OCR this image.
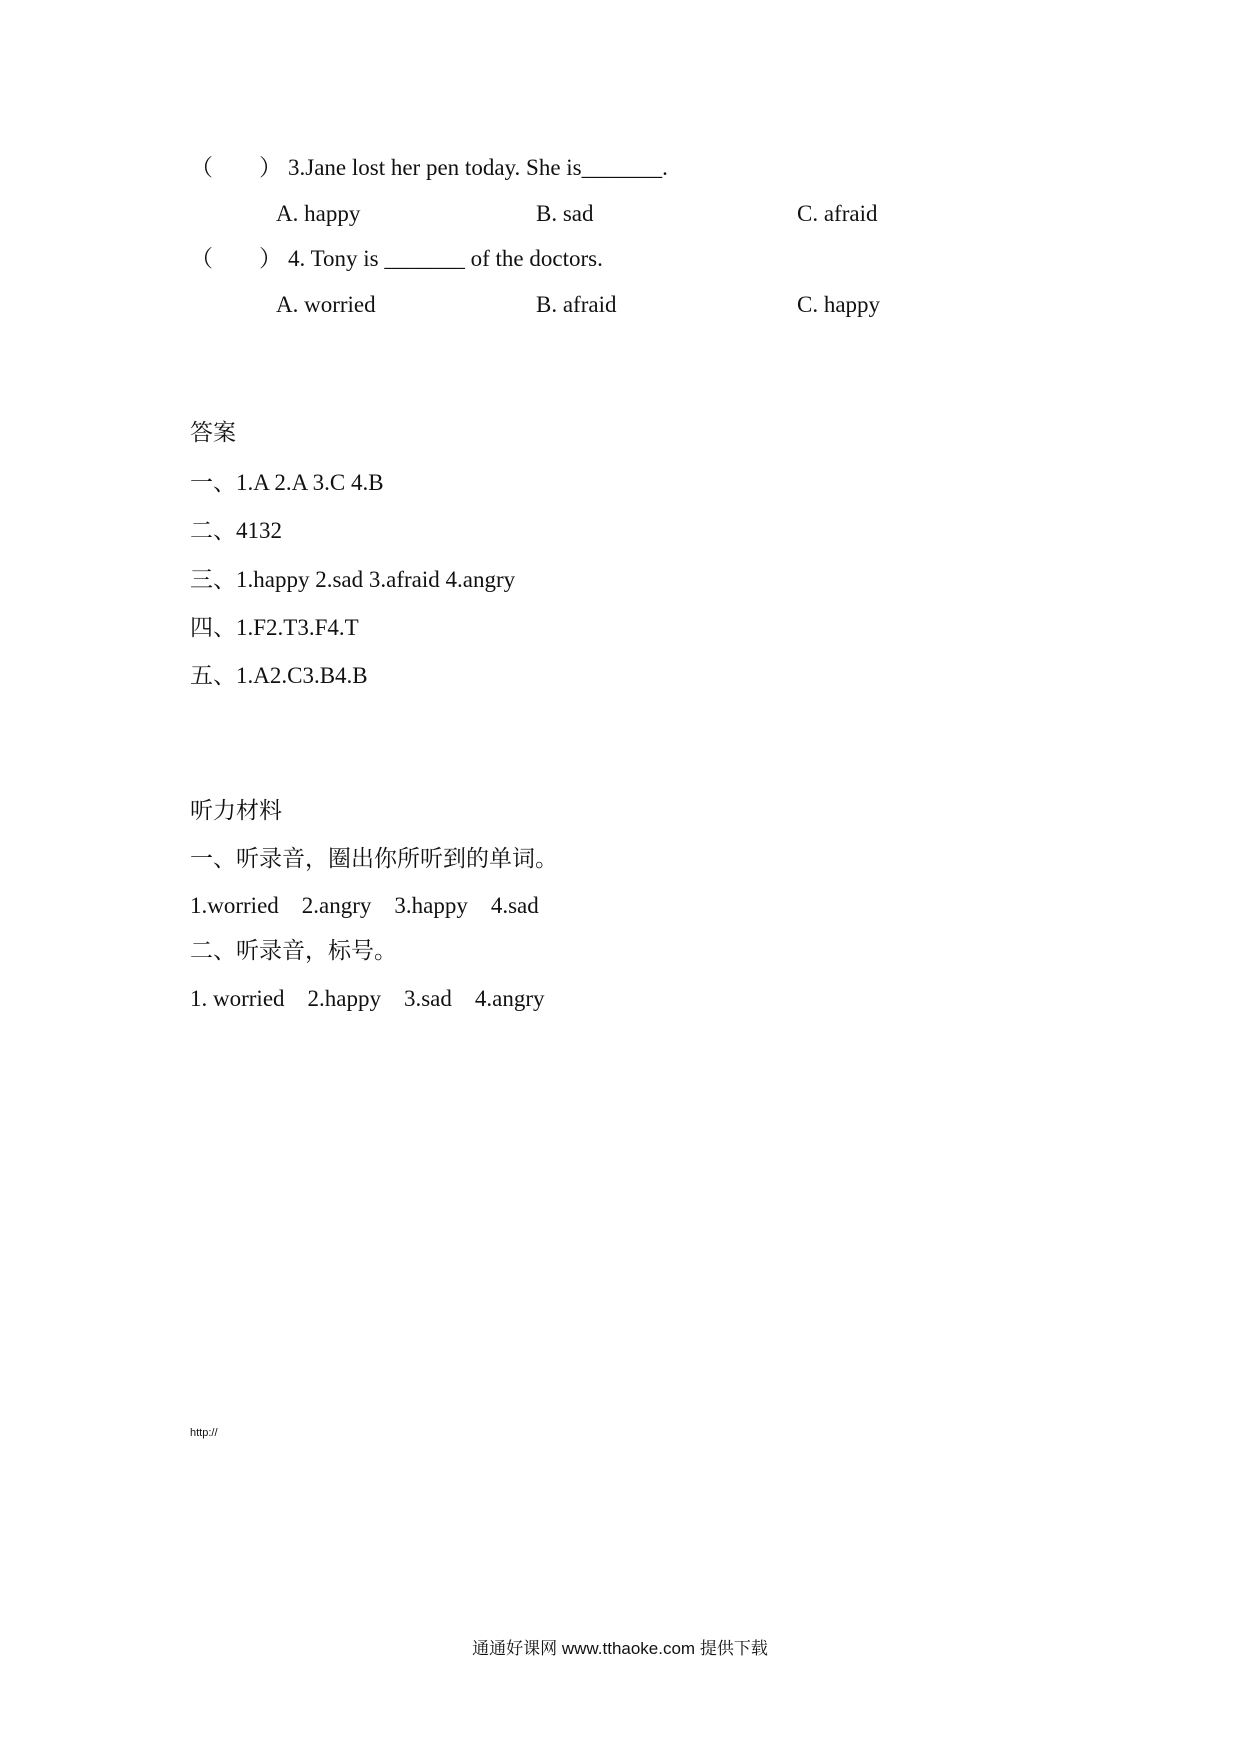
（　　） 3.Jane lost her pen today. She is_______.
A. happy	B. sad	C. afraid
（　　） 4. Tony is _______ of the doctors.
A. worried	B. afraid	C. happy
答案
一、1.A 2.A 3.C 4.B
二、4132
三、1.happy 2.sad 3.afraid 4.angry
四、1.F2.T3.F4.T
五、1.A2.C3.B4.B
听力材料
一、听录音，圈出你所听到的单词。
1.worried　2.angry　3.happy　4.sad
二、听录音，标号。
1. worried　2.happy　3.sad　4.angry
http://
通通好课网 www.tthaoke.com 提供下载
